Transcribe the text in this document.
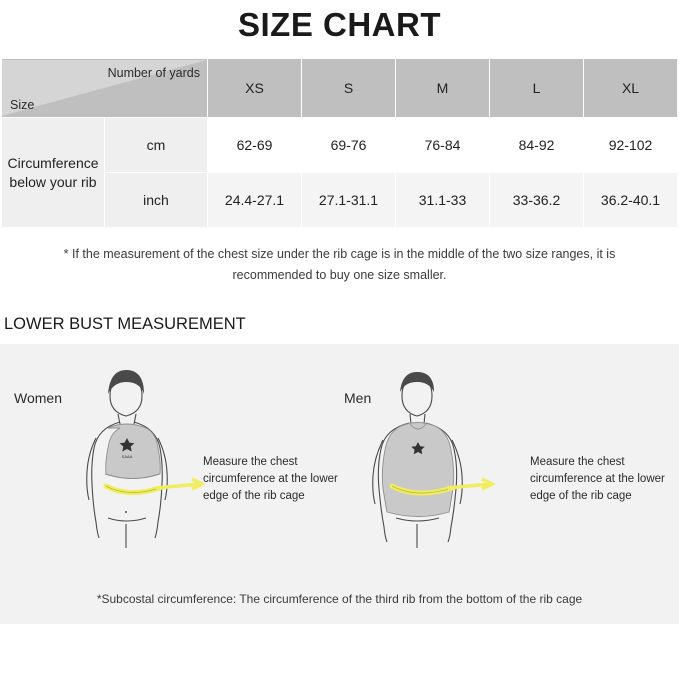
SIZE CHART
Number of yards
Size		XS	S	M	L	XL
Circumference below your rib	cm	62-69	69-76	76-84	84-92	92-102
	inch	24.4-27.1	27.1-31.1	31.1-33	33-36.2	36.2-40.1
* If the measurement of the chest size under the rib cage is in the middle of the two size ranges, it is recommended to buy one size smaller.
LOWER BUST MEASUREMENT
Women	Men
SAAA	Measure the chest circumference at the lower edge of the rib cage
Measure the chest circumference at the lower edge of the rib cage
*Subcostal circumference: The circumference of the third rib from the bottom of the rib cage
